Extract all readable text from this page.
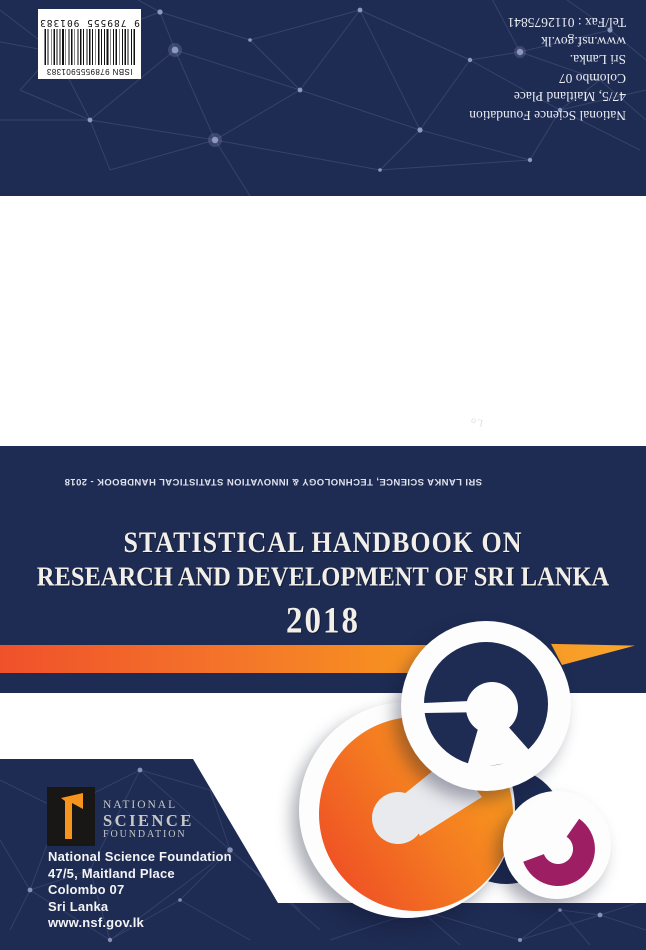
ISBN 9789555901383
9 789555 901383
National Science Foundation
47/5, Maitland Place
Colombo 07
Sri Lanka.
www.nsf.gov.lk
Tel/Fax : 0112675841
Lo
SRI LANKA SCIENCE, TECHNOLOGY & INNOVATION STATISTICAL HANDBOOK - 2018
STATISTICAL HANDBOOK ON
RESEARCH AND DEVELOPMENT OF SRI LANKA
2018
NATIONAL
SCIENCE
FOUNDATION
National Science Foundation
47/5, Maitland Place
Colombo 07
Sri Lanka
www.nsf.gov.lk
